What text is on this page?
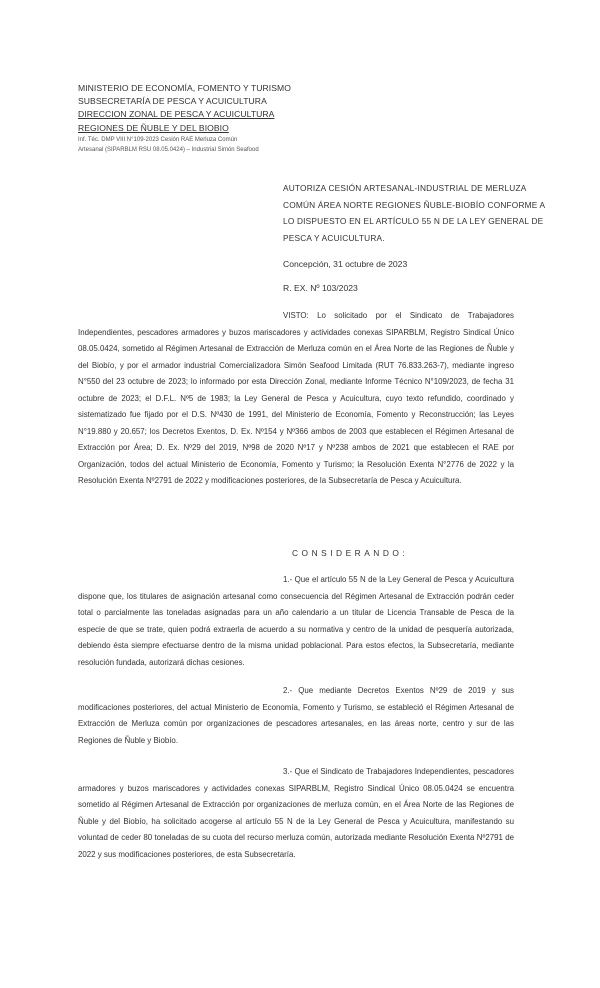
MINISTERIO DE ECONOMÍA, FOMENTO Y TURISMO
SUBSECRETARÍA DE PESCA Y ACUICULTURA
DIRECCION ZONAL DE PESCA Y ACUICULTURA
REGIONES DE ÑUBLE Y DEL BIOBIO
Inf. Téc. DMP VIII N°109-2023 Cesión RAE Merluza Común
Artesanal (SIPARBLM RSU 08.05.0424) – Industrial Simón Seafood
AUTORIZA CESIÓN ARTESANAL-INDUSTRIAL DE MERLUZA COMÚN ÁREA NORTE REGIONES ÑUBLE-BIOBÍO CONFORME A LO DISPUESTO EN EL ARTÍCULO 55 N DE LA LEY GENERAL DE PESCA Y ACUICULTURA.
Concepción, 31 octubre de 2023
R. EX. Nº 103/2023
VISTO: Lo solicitado por el Sindicato de Trabajadores Independientes, pescadores armadores y buzos mariscadores y actividades conexas SIPARBLM, Registro Sindical Único 08.05.0424, sometido al Régimen Artesanal de Extracción de Merluza común en el Área Norte de las Regiones de Ñuble y del Biobío, y por el armador industrial Comercializadora Simón Seafood Limitada (RUT 76.833.263-7), mediante ingreso N°550 del 23 octubre de 2023; lo informado por esta Dirección Zonal, mediante Informe Técnico N°109/2023, de fecha 31 octubre de 2023; el D.F.L. Nº5 de 1983; la Ley General de Pesca y Acuicultura, cuyo texto refundido, coordinado y sistematizado fue fijado por el D.S. Nº430 de 1991, del Ministerio de Economía, Fomento y Reconstrucción; las Leyes N°19.880 y 20.657; los Decretos Exentos, D. Ex. Nº154 y Nº366 ambos de 2003 que establecen el Régimen Artesanal de Extracción por Área; D. Ex. Nº29 del 2019, Nº98 de 2020 Nº17 y Nº238 ambos de 2021 que establecen el RAE por Organización, todos del actual Ministerio de Economía, Fomento y Turismo; la Resolución Exenta N°2776 de 2022 y la Resolución Exenta Nº2791 de 2022 y modificaciones posteriores, de la Subsecretaría de Pesca y Acuicultura.
CONSIDERANDO:
1.- Que el artículo 55 N de la Ley General de Pesca y Acuicultura dispone que, los titulares de asignación artesanal como consecuencia del Régimen Artesanal de Extracción podrán ceder total o parcialmente las toneladas asignadas para un año calendario a un titular de Licencia Transable de Pesca de la especie de que se trate, quien podrá extraerla de acuerdo a su normativa y centro de la unidad de pesquería autorizada, debiendo ésta siempre efectuarse dentro de la misma unidad poblacional. Para estos efectos, la Subsecretaría, mediante resolución fundada, autorizará dichas cesiones.
2.- Que mediante Decretos Exentos Nº29 de 2019 y sus modificaciones posteriores, del actual Ministerio de Economía, Fomento y Turismo, se estableció el Régimen Artesanal de Extracción de Merluza común por organizaciones de pescadores artesanales, en las áreas norte, centro y sur de las Regiones de Ñuble y Biobío.
3.- Que el Sindicato de Trabajadores Independientes, pescadores armadores y buzos mariscadores y actividades conexas SIPARBLM, Registro Sindical Único 08.05.0424 se encuentra sometido al Régimen Artesanal de Extracción por organizaciones de merluza común, en el Área Norte de las Regiones de Ñuble y del Biobío, ha solicitado acogerse al artículo 55 N de la Ley General de Pesca y Acuicultura, manifestando su voluntad de ceder 80 toneladas de su cuota del recurso merluza común, autorizada mediante Resolución Exenta Nº2791 de 2022 y sus modificaciones posteriores, de esta Subsecretaría.
